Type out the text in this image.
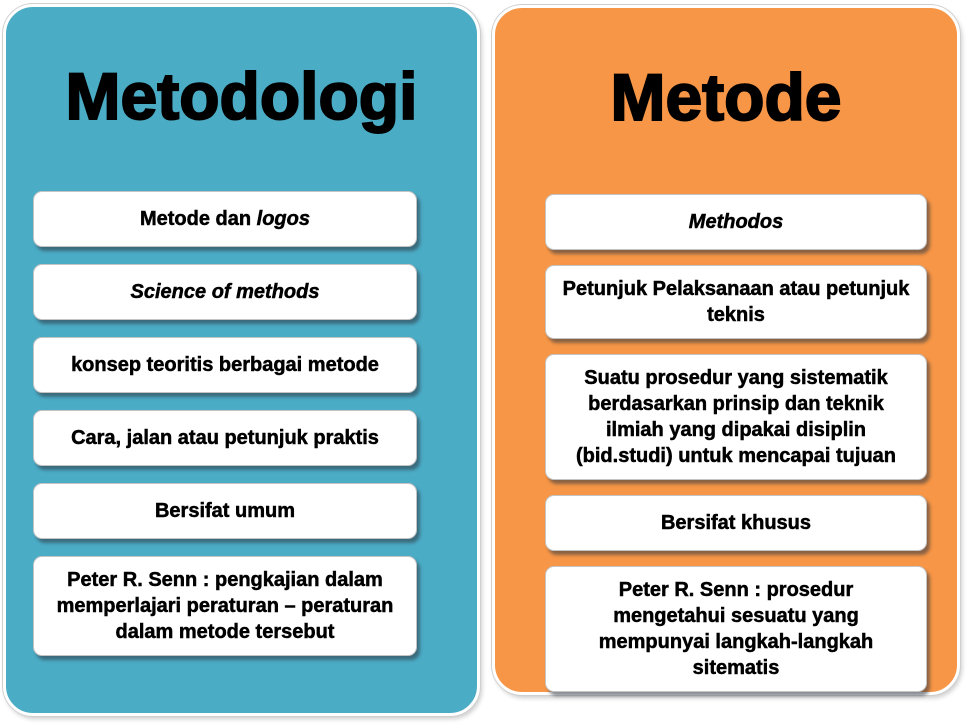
Metodologi
Metode dan logos
Science of methods
konsep teoritis berbagai metode
Cara, jalan atau petunjuk praktis
Bersifat umum
Peter R. Senn : pengkajian dalam memperlajari peraturan – peraturan dalam metode tersebut
Metode
Methodos
Petunjuk Pelaksanaan atau petunjuk teknis
Suatu prosedur yang sistematik berdasarkan prinsip dan teknik ilmiah yang dipakai disiplin (bid.studi) untuk mencapai tujuan
Bersifat khusus
Peter R. Senn : prosedur mengetahui sesuatu yang mempunyai langkah-langkah sitematis
